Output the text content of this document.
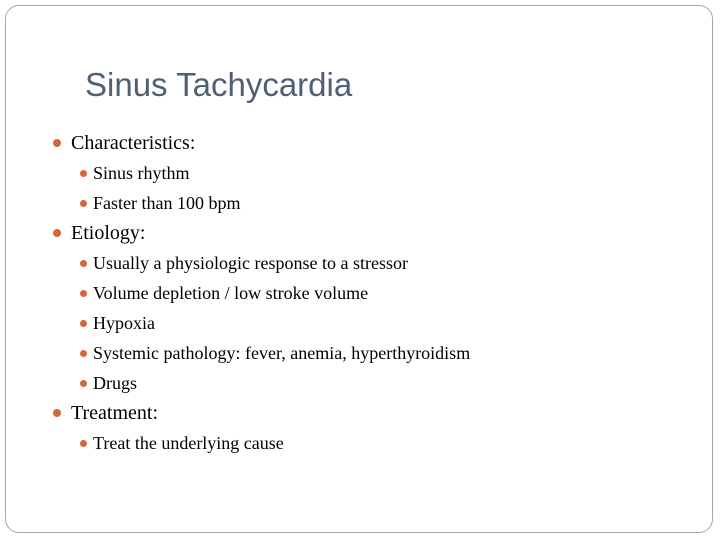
Sinus Tachycardia
Characteristics:
Sinus rhythm
Faster than 100 bpm
Etiology:
Usually a physiologic response to a stressor
Volume depletion / low stroke volume
Hypoxia
Systemic pathology: fever, anemia, hyperthyroidism
Drugs
Treatment:
Treat the underlying cause
